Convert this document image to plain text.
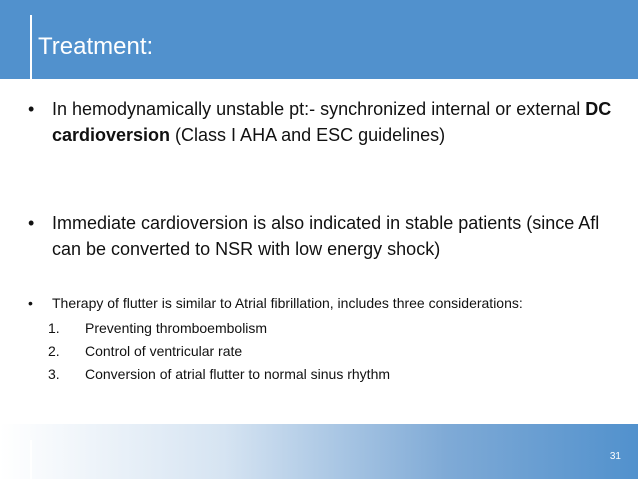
Treatment:
• In hemodynamically unstable pt:- synchronized internal or external DC cardioversion (Class I AHA and ESC guidelines)
• Immediate cardioversion is also indicated in stable patients (since Afl can be converted to NSR with low energy shock)
• Therapy of flutter is similar to Atrial fibrillation, includes three considerations:
1. Preventing thromboembolism
2. Control of ventricular rate
3. Conversion of atrial flutter to normal sinus rhythm
31
